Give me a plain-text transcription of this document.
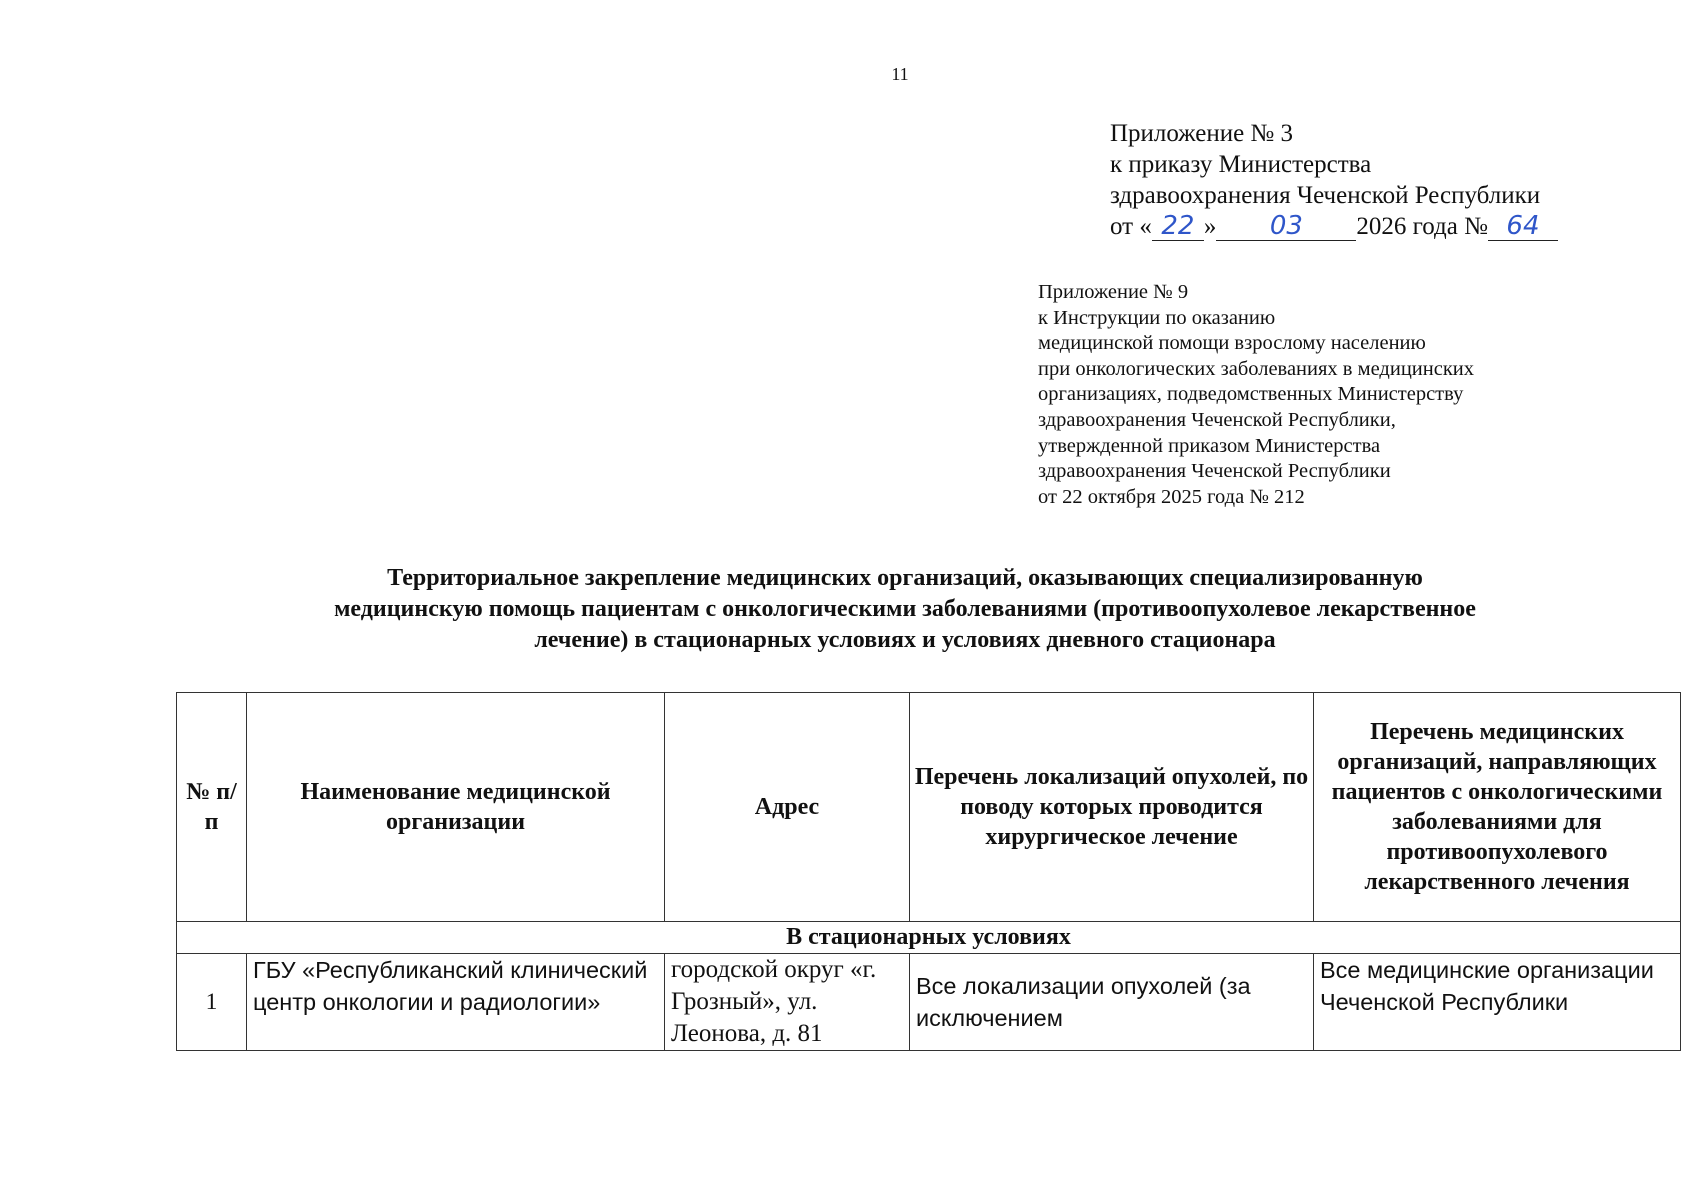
11
Приложение № 3
к приказу Министерства
здравоохранения Чеченской Республики
от « 22 » 03 2026 года № 64
Приложение № 9
к Инструкции по оказанию
медицинской помощи взрослому населению
при онкологических заболеваниях в медицинских
организациях, подведомственных Министерству
здравоохранения Чеченской Республики,
утвержденной приказом Министерства
здравоохранения Чеченской Республики
от 22 октября 2025 года № 212
Территориальное закрепление медицинских организаций, оказывающих специализированную
медицинскую помощь пациентам с онкологическими заболеваниями (противоопухолевое лекарственное
лечение) в стационарных условиях и условиях дневного стационара
№ п/п	Наименование медицинской организации	Адрес	Перечень локализаций опухолей, по поводу которых проводится хирургическое лечение	Перечень медицинских организаций, направляющих пациентов с онкологическими заболеваниями для противоопухолевого лекарственного лечения
В стационарных условиях				
1	ГБУ «Республиканский клинический центр онкологии и радиологии»	городской округ «г. Грозный», ул. Леонова, д. 81	Все локализации опухолей (за исключением	Все медицинские организации Чеченской Республики
